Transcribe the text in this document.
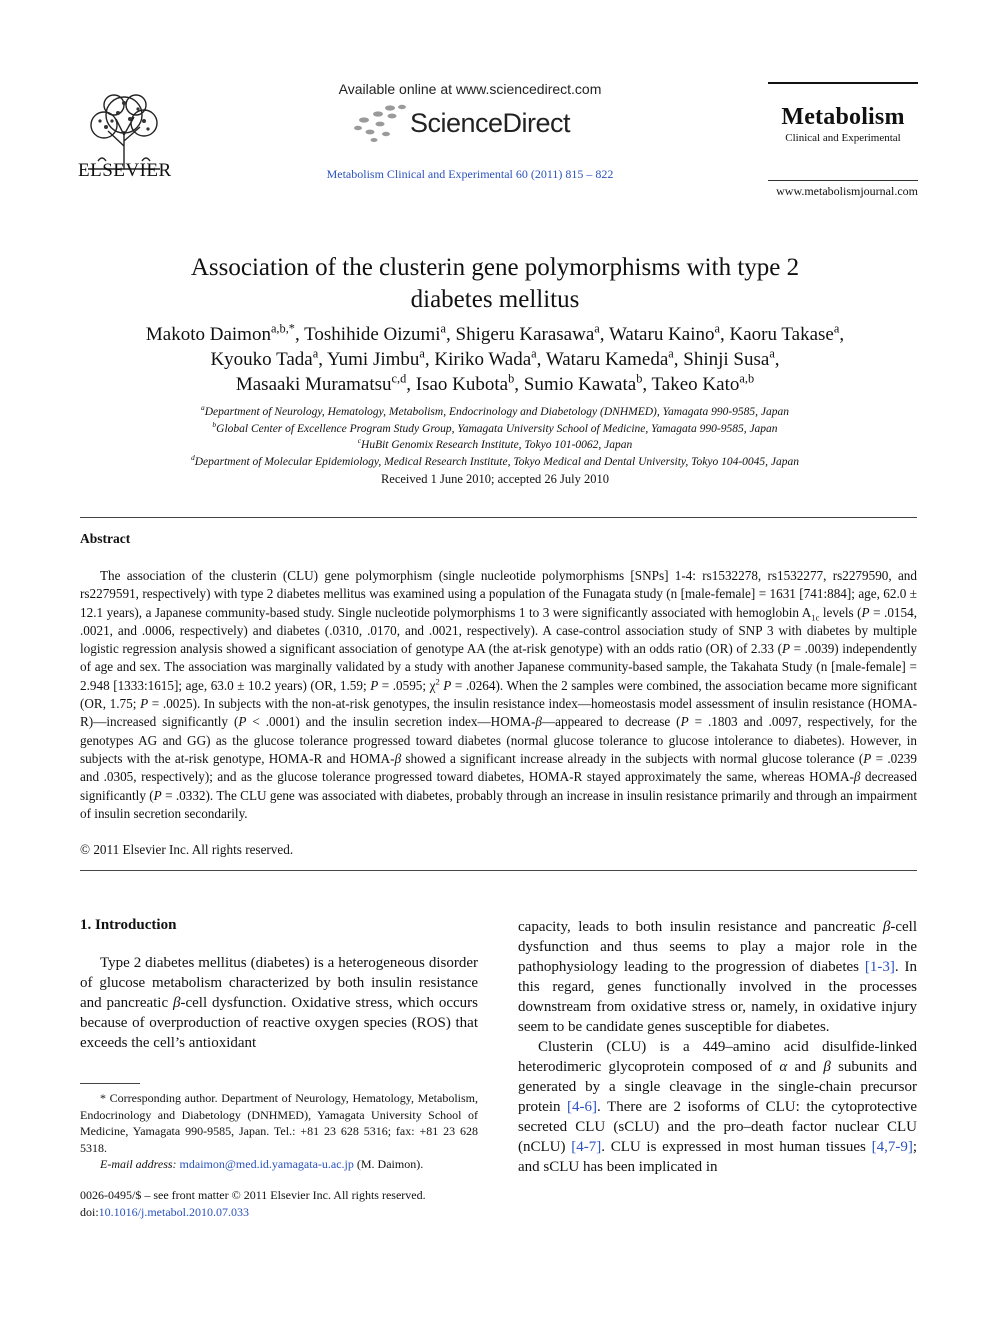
ELSEVIER
Available online at www.sciencedirect.com
ScienceDirect
Metabolism Clinical and Experimental 60 (2011) 815 – 822
Metabolism
Clinical and Experimental
www.metabolismjournal.com
Association of the clusterin gene polymorphisms with type 2
diabetes mellitus
Makoto Daimon$^{a,b,*}$, Toshihide Oizumi$^a$, Shigeru Karasawa$^a$, Wataru Kaino$^a$, Kaoru Takase$^a$,
Kyouko Tada$^a$, Yumi Jimbu$^a$, Kiriko Wada$^a$, Wataru Kameda$^a$, Shinji Susa$^a$,
Masaaki Muramatsu$^{c,d}$, Isao Kubota$^b$, Sumio Kawata$^b$, Takeo Kato$^{a,b}$
$^a$Department of Neurology, Hematology, Metabolism, Endocrinology and Diabetology (DNHMED), Yamagata 990-9585, Japan
$^b$Global Center of Excellence Program Study Group, Yamagata University School of Medicine, Yamagata 990-9585, Japan
$^c$HuBit Genomix Research Institute, Tokyo 101-0062, Japan
$^d$Department of Molecular Epidemiology, Medical Research Institute, Tokyo Medical and Dental University, Tokyo 104-0045, Japan
Received 1 June 2010; accepted 26 July 2010
Abstract
The association of the clusterin (CLU) gene polymorphism (single nucleotide polymorphisms [SNPs] 1-4: rs1532278, rs1532277, rs2279590, and rs2279591, respectively) with type 2 diabetes mellitus was examined using a population of the Funagata study (n [male-female] = 1631 [741:884]; age, 62.0 ± 12.1 years), a Japanese community-based study. Single nucleotide polymorphisms 1 to 3 were significantly associated with hemoglobin $A_{1c}$ levels (P = .0154, .0021, and .0006, respectively) and diabetes (.0310, .0170, and .0021, respectively). A case-control association study of SNP 3 with diabetes by multiple logistic regression analysis showed a significant association of genotype AA (the at-risk genotype) with an odds ratio (OR) of 2.33 (P = .0039) independently of age and sex. The association was marginally validated by a study with another Japanese community-based sample, the Takahata Study (n [male-female] = 2.948 [1333:1615]; age, 63.0 ± 10.2 years) (OR, 1.59; P = .0595; $\chi^2$ P = .0264). When the 2 samples were combined, the association became more significant (OR, 1.75; P = .0025). In subjects with the non-at-risk genotypes, the insulin resistance index—homeostasis model assessment of insulin resistance (HOMA-R)—increased significantly (P < .0001) and the insulin secretion index—HOMA-β—appeared to decrease (P = .1803 and .0097, respectively, for the genotypes AG and GG) as the glucose tolerance progressed toward diabetes (normal glucose tolerance to glucose intolerance to diabetes). However, in subjects with the at-risk genotype, HOMA-R and HOMA-β showed a significant increase already in the subjects with normal glucose tolerance (P = .0239 and .0305, respectively); and as the glucose tolerance progressed toward diabetes, HOMA-R stayed approximately the same, whereas HOMA-β decreased significantly (P = .0332). The CLU gene was associated with diabetes, probably through an increase in insulin resistance primarily and through an impairment of insulin secretion secondarily.
© 2011 Elsevier Inc. All rights reserved.

1. Introduction

Type 2 diabetes mellitus (diabetes) is a heterogeneous disorder of glucose metabolism characterized by both insulin resistance and pancreatic β-cell dysfunction. Oxidative stress, which occurs because of overproduction of reactive oxygen species (ROS) that exceeds the cell’s antioxidant

* Corresponding author. Department of Neurology, Hematology, Metabolism, Endocrinology and Diabetology (DNHMED), Yamagata University School of Medicine, Yamagata 990-9585, Japan. Tel.: +81 23 628 5316; fax: +81 23 628 5318.
E-mail address: mdaimon@med.id.yamagata-u.ac.jp (M. Daimon).
0026-0495/$ – see front matter © 2011 Elsevier Inc. All rights reserved.
doi:10.1016/j.metabol.2010.07.033

capacity, leads to both insulin resistance and pancreatic β-cell dysfunction and thus seems to play a major role in the pathophysiology leading to the progression of diabetes [1-3]. In this regard, genes functionally involved in the processes downstream from oxidative stress or, namely, in oxidative injury seem to be candidate genes susceptible for diabetes.

Clusterin (CLU) is a 449–amino acid disulfide-linked heterodimeric glycoprotein composed of α and β subunits and generated by a single cleavage in the single-chain precursor protein [4-6]. There are 2 isoforms of CLU: the cytoprotective secreted CLU (sCLU) and the pro–death factor nuclear CLU (nCLU) [4-7]. CLU is expressed in most human tissues [4,7-9]; and sCLU has been implicated in
